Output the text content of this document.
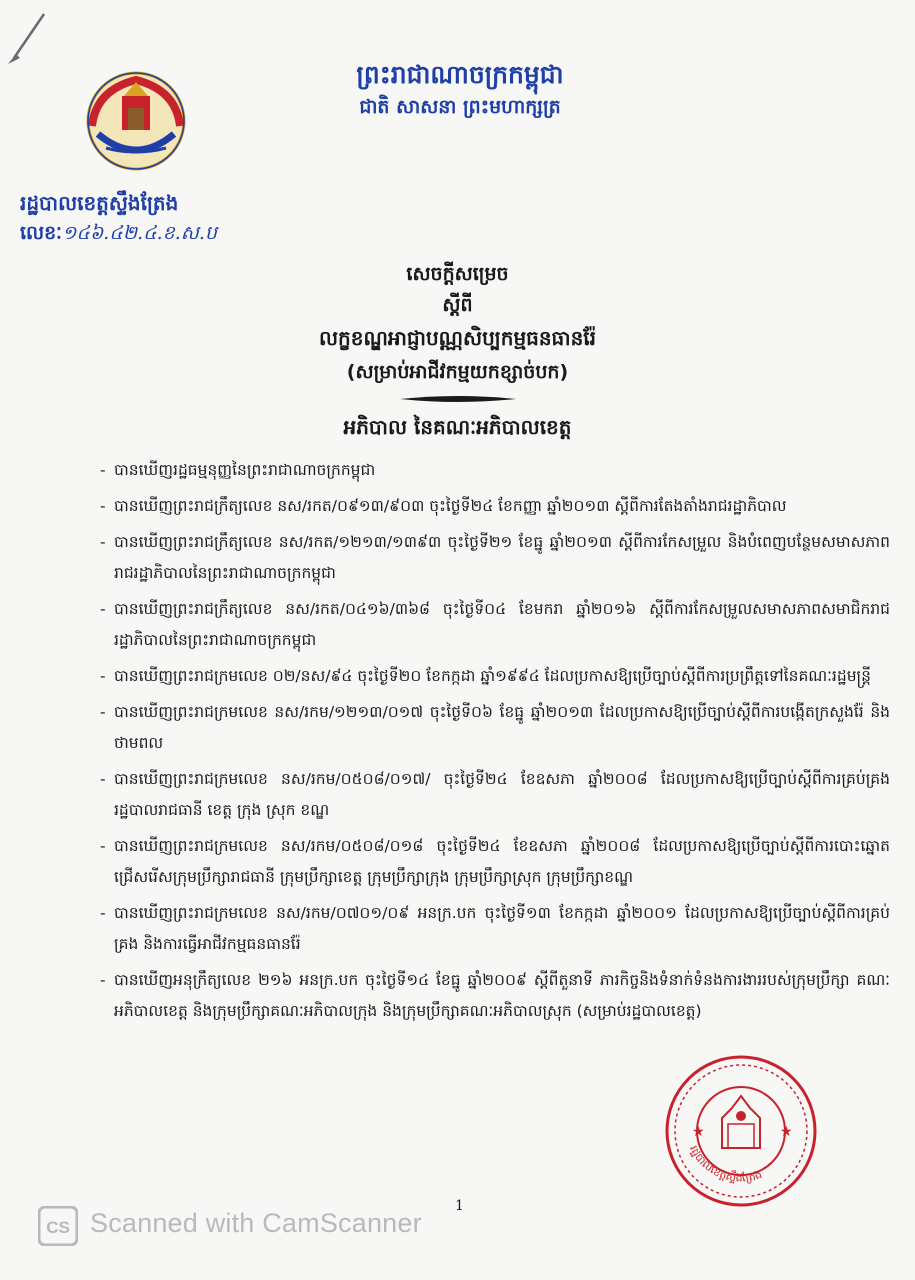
ព្រះរាជាណាចក្រកម្ពុជា
ជាតិ សាសនា ព្រះមហាក្សត្រ
រដ្ឋបាលខេត្តស្ទឹងត្រែង
លេខៈ១៤៦.៤២.៤.ខ.ស.ប
សេចក្ដីសម្រេច
ស្ដីពី
លក្ខខណ្ឌអាជ្ញាបណ្ណសិប្បកម្មធនធានរ៉ែ
(សម្រាប់អាជីវកម្មយកខ្សាច់បក)
អភិបាល នៃគណៈអភិបាលខេត្ត
- បានឃើញរដ្ឋធម្មនុញ្ញនៃព្រះរាជាណាចក្រកម្ពុជា
- បានឃើញព្រះរាជក្រឹត្យលេខ នស/រកត/០៩១៣/៩០៣ ចុះថ្ងៃទី២៤ ខែកញ្ញា ឆ្នាំ២០១៣ ស្ដីពីការតែងតាំងរាជរដ្ឋាភិបាល
- បានឃើញព្រះរាជក្រឹត្យលេខ នស/រកត/១២១៣/១៣៩៣ ចុះថ្ងៃទី២១ ខែធ្នូ ឆ្នាំ២០១៣ ស្ដីពីការកែសម្រួល និងបំពេញបន្ថែមសមាសភាពរាជរដ្ឋាភិបាលនៃព្រះរាជាណាចក្រកម្ពុជា
- បានឃើញព្រះរាជក្រឹត្យលេខ នស/រកត/០៤១៦/៣៦៨ ចុះថ្ងៃទី០៤ ខែមករា ឆ្នាំ២០១៦ ស្ដីពីការកែសម្រួលសមាសភាពសមាជិករាជរដ្ឋាភិបាលនៃព្រះរាជាណាចក្រកម្ពុជា
- បានឃើញព្រះរាជក្រមលេខ ០២/នស/៩៤ ចុះថ្ងៃទី២០ ខែកក្កដា ឆ្នាំ១៩៩៤ ដែលប្រកាសឱ្យប្រើច្បាប់ស្ដីពីការប្រព្រឹត្តទៅនៃគណៈរដ្ឋមន្ត្រី
- បានឃើញព្រះរាជក្រមលេខ នស/រកម/១២១៣/០១៧ ចុះថ្ងៃទី០៦ ខែធ្នូ ឆ្នាំ២០១៣ ដែលប្រកាសឱ្យប្រើច្បាប់ស្ដីពីការបង្កើតក្រសួងរ៉ែ និងថាមពល
- បានឃើញព្រះរាជក្រមលេខ នស/រកម/០៥០៨/០១៧/ ចុះថ្ងៃទី២៤ ខែឧសភា ឆ្នាំ២០០៨ ដែលប្រកាសឱ្យប្រើច្បាប់ស្ដីពីការគ្រប់គ្រងរដ្ឋបាលរាជធានី ខេត្ត ក្រុង ស្រុក ខណ្ឌ
- បានឃើញព្រះរាជក្រមលេខ នស/រកម/០៥០៨/០១៨ ចុះថ្ងៃទី២៤ ខែឧសភា ឆ្នាំ២០០៨ ដែលប្រកាសឱ្យប្រើច្បាប់ស្ដីពីការបោះឆ្នោតជ្រើសរើសក្រុមប្រឹក្សារាជធានី ក្រុមប្រឹក្សាខេត្ត ក្រុមប្រឹក្សាក្រុង ក្រុមប្រឹក្សាស្រុក ក្រុមប្រឹក្សាខណ្ឌ
- បានឃើញព្រះរាជក្រមលេខ នស/រកម/០៧០១/០៩ អនក្រ.បក ចុះថ្ងៃទី១៣ ខែកក្កដា ឆ្នាំ២០០១ ដែលប្រកាសឱ្យប្រើច្បាប់ស្ដីពីការគ្រប់គ្រង និងការធ្វើអាជីវកម្មធនធានរ៉ែ
- បានឃើញអនុក្រឹត្យលេខ ២១៦ អនក្រ.បក ចុះថ្ងៃទី១៤ ខែធ្នូ ឆ្នាំ២០០៩ ស្ដីពីតួនាទី ភារកិច្ចនិងទំនាក់ទំនងការងាររបស់ក្រុមប្រឹក្សា គណៈអភិបាលខេត្ត និងក្រុមប្រឹក្សាគណៈអភិបាលក្រុង និងក្រុមប្រឹក្សាគណៈអភិបាលស្រុក (សម្រាប់រដ្ឋបាលខេត្ត)
រដ្ឋបាលខេត្តស្ទឹងត្រែង
★	★
1
CS Scanned with CamScanner
